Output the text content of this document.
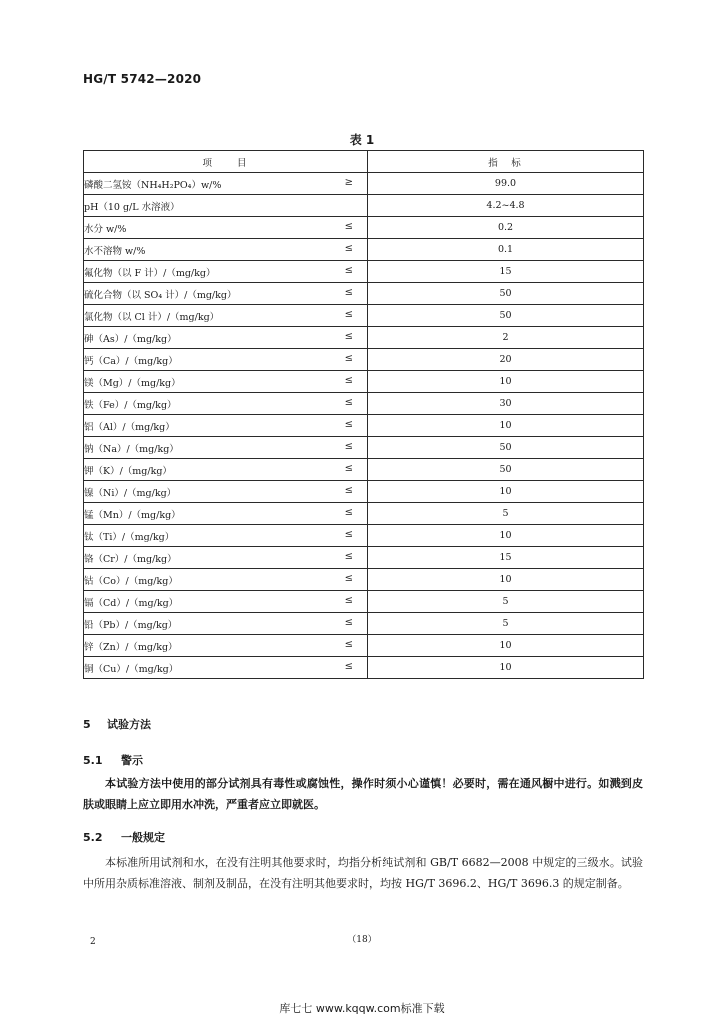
HG/T 5742—2020
表 1
项　　目	指　标
磷酸二氢铵（NH₄H₂PO₄）w/% ≥	99.0
pH（10 g/L 水溶液）	4.2~4.8
水分 w/% ≤	0.2
水不溶物 w/% ≤	0.1
氟化物（以 F 计）/（mg/kg） ≤	15
硫化合物（以 SO₄ 计）/（mg/kg） ≤	50
氯化物（以 Cl 计）/（mg/kg） ≤	50
砷（As）/（mg/kg） ≤	2
钙（Ca）/（mg/kg） ≤	20
镁（Mg）/（mg/kg） ≤	10
铁（Fe）/（mg/kg） ≤	30
铝（Al）/（mg/kg） ≤	10
钠（Na）/（mg/kg） ≤	50
钾（K）/（mg/kg） ≤	50
镍（Ni）/（mg/kg） ≤	10
锰（Mn）/（mg/kg） ≤	5
钛（Ti）/（mg/kg） ≤	10
铬（Cr）/（mg/kg） ≤	15
钴（Co）/（mg/kg） ≤	10
镉（Cd）/（mg/kg） ≤	5
铅（Pb）/（mg/kg） ≤	5
锌（Zn）/（mg/kg） ≤	10
铜（Cu）/（mg/kg） ≤	10
5 试验方法
5.1 警示
本试验方法中使用的部分试剂具有毒性或腐蚀性，操作时须小心谨慎！必要时，需在通风橱中进行。如溅到皮肤或眼睛上应立即用水冲洗，严重者应立即就医。
5.2 一般规定
本标准所用试剂和水，在没有注明其他要求时，均指分析纯试剂和 GB/T 6682—2008 中规定的三级水。试验中所用杂质标准溶液、制剂及制品，在没有注明其他要求时，均按 HG/T 3696.2、HG/T 3696.3 的规定制备。
2	（18）
库七七 www.kqqw.com标准下载
